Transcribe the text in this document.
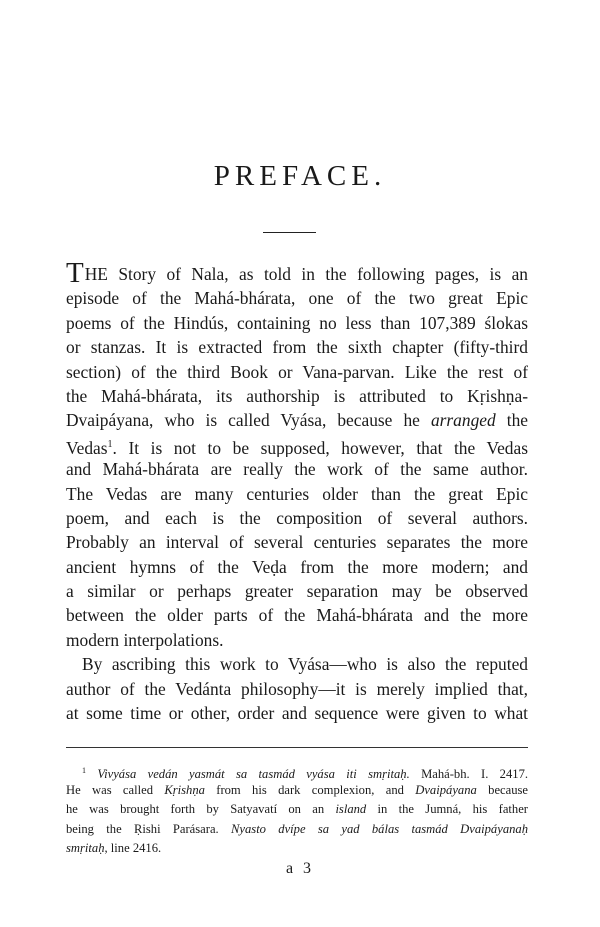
PREFACE.
THE Story of Nala, as told in the following pages, is an
episode of the Mahá-bhárata, one of the two great Epic
poems of the Hindús, containing no less than 107,389 ślokas
or stanzas. It is extracted from the sixth chapter (fifty-third
section) of the third Book or Vana-parvan. Like the rest of
the Mahá-bhárata, its authorship is attributed to Kṛishṇa-
Dvaipáyana, who is called Vyása, because he arranged the
Vedas$^1$. It is not to be supposed, however, that the Vedas
and Mahá-bhárata are really the work of the same author.
The Vedas are many centuries older than the great Epic
poem, and each is the composition of several authors.
Probably an interval of several centuries separates the more
ancient hymns of the Veḍa from the more modern; and
a similar or perhaps greater separation may be observed
between the older parts of the Mahá-bhárata and the more
modern interpolations.
By ascribing this work to Vyása—who is also the reputed
author of the Vedánta philosophy—it is merely implied that,
at some time or other, order and sequence were given to what
$^1$ Vivyása vedán yasmát sa tasmád vyása iti smṛitaḥ. Mahá-bh. I. 2417.
He was called Kṛishṇa from his dark complexion, and Dvaipáyana because
he was brought forth by Satyavatí on an island in the Jumná, his father
being the Ṛishi Parásara. Nyasto dvípe sa yad bálas tasmád Dvaipáyanaḥ
smṛitaḥ, line 2416.
a 3
